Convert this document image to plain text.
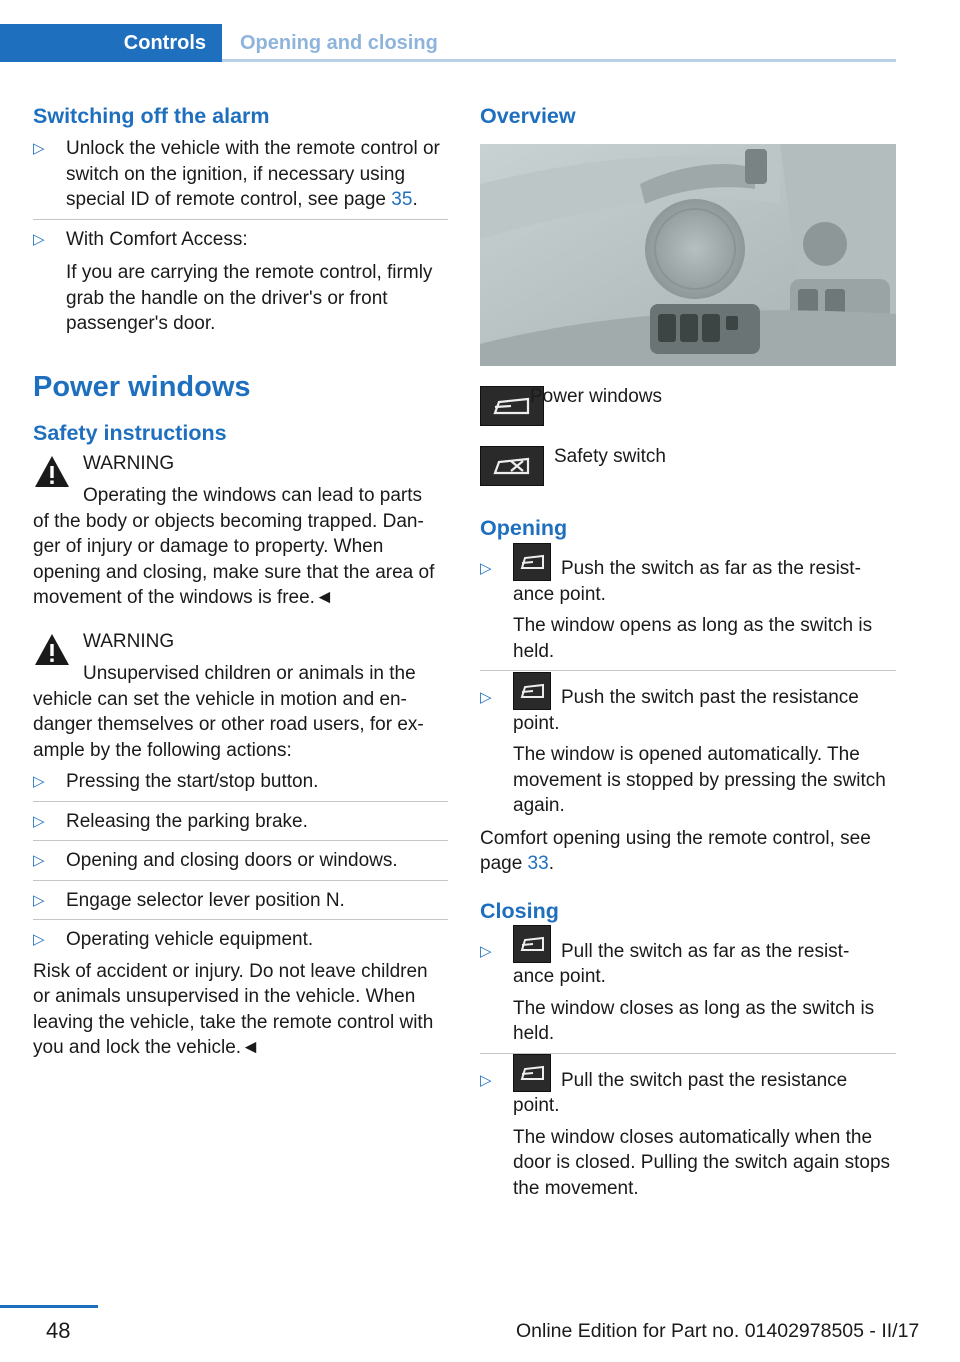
Controls	Opening and closing
Switching off the alarm
▷ Unlock the vehicle with the remote control or switch on the ignition, if necessary using special ID of remote control, see page 35.
▷ With Comfort Access:

If you are carrying the remote control, firmly grab the handle on the driver's or front passenger's door.

Power windows
Safety instructions
WARNING
Operating the windows can lead to parts

of the body or objects becoming trapped. Dan‐ger of injury or damage to property. When opening and closing, make sure that the area of movement of the windows is free.◄

WARNING
Unsupervised children or animals in the

vehicle can set the vehicle in motion and en‐danger themselves or other road users, for ex‐ample by the following actions:

▷ Pressing the start/stop button.
▷ Releasing the parking brake.
▷ Opening and closing doors or windows.
▷ Engage selector lever position N.
▷ Operating vehicle equipment.

Risk of accident or injury. Do not leave children or animals unsupervised in the vehicle. When leaving the vehicle, take the remote control with you and lock the vehicle.◄

Overview
Power windows
Safety switch
Opening
▷	Push the switch as far as the resist‐
ance point.
The window opens as long as the switch is held.
▷	Push the switch past the resistance
point.
The window is opened automatically. The movement is stopped by pressing the switch again.

Comfort opening using the remote control, see page 33.

Closing
▷	Pull the switch as far as the resist‐
ance point.
The window closes as long as the switch is held.
▷	Pull the switch past the resistance
point.
The window closes automatically when the door is closed. Pulling the switch again stops the movement.
48	Online Edition for Part no. 01402978505 - II/17
